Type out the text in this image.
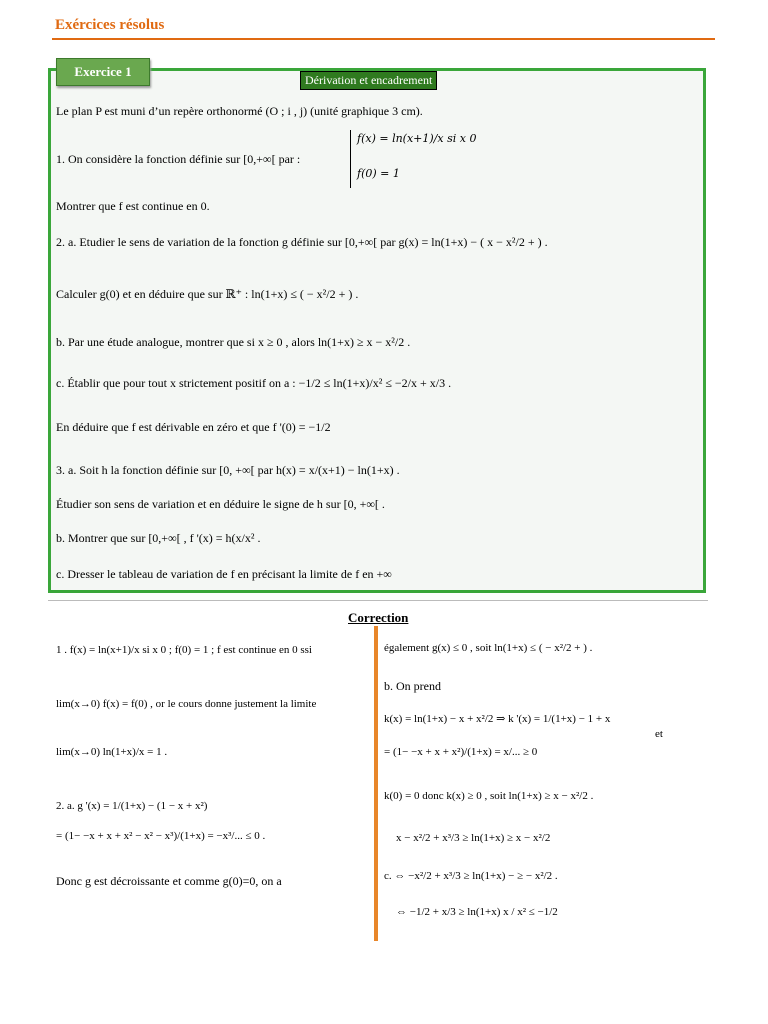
Exércices résolus
Exercice 1
Dérivation et encadrement
Le plan P est muni d’un repère orthonormé (O ; i , j) (unité graphique 3 cm).
1. On considère la fonction définie sur [0,+∞[ par :
f(x) = ln(x+1)/x si x 0
f(0) = 1
Montrer que f est continue en 0.
2. a. Etudier le sens de variation de la fonction g définie sur [0,+∞[ par g(x) = ln(1+x) − ( x − x²/2 + ) .
Calculer g(0) et en déduire que sur ℝ⁺ : ln(1+x) ≤ ( − x²/2 + ) .
b. Par une étude analogue, montrer que si x ≥ 0 , alors ln(1+x) ≥ x − x²/2 .
c. Établir que pour tout x strictement positif on a : −1/2 ≤ ln(1+x)/x² ≤ −2/x + x/3 .
En déduire que f est dérivable en zéro et que f '(0) = −1/2
3. a. Soit h la fonction définie sur [0, +∞[ par h(x) = x/(x+1) − ln(1+x) .
Étudier son sens de variation et en déduire le signe de h sur [0, +∞[ .
b. Montrer que sur [0,+∞[ , f '(x) = h(x/x² .
c. Dresser le tableau de variation de f en précisant la limite de f en +∞
Correction
1 . f(x) = ln(x+1)/x si x 0 ; f(0) = 1 ; f est continue en 0 ssi
lim(x→0) f(x) = f(0) , or le cours donne justement la limite
lim(x→0) ln(1+x)/x = 1 .
2. a. g '(x) = 1/(1+x) − (1 − x + x²)
= (1− −x + x + x² − x² − x³)/(1+x) = −x³/... ≤ 0 .
Donc g est décroissante et comme g(0)=0, on a
également g(x) ≤ 0 , soit ln(1+x) ≤ ( − x²/2 + ) .
b. On prend
k(x) = ln(1+x) − x + x²/2 ⇒ k '(x) = 1/(1+x) − 1 + x
et
= (1− −x + x + x²)/(1+x) = x/... ≥ 0
k(0) = 0 donc k(x) ≥ 0 , soit ln(1+x) ≥ x − x²/2 .
x − x²/2 + x³/3 ≥ ln(1+x) ≥ x − x²/2
c. ⇔ −x²/2 + x³/3 ≥ ln(1+x) − ≥ − x²/2 .
⇔ −1/2 + x/3 ≥ ln(1+x) x / x² ≤ −1/2
